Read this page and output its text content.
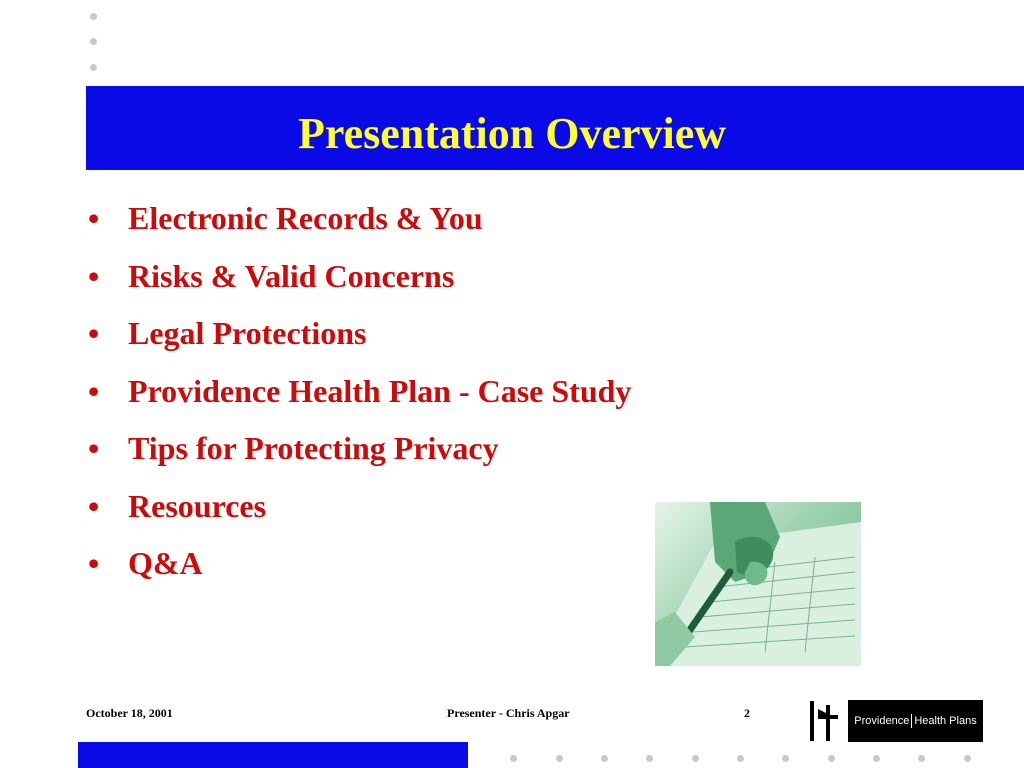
Presentation Overview
• Electronic Records & You
• Risks & Valid Concerns
• Legal Protections
• Providence Health Plan - Case Study
• Tips for Protecting Privacy
• Resources
• Q&A
October 18, 2001	Presenter - Chris Apgar	2
Providence Health Plans
